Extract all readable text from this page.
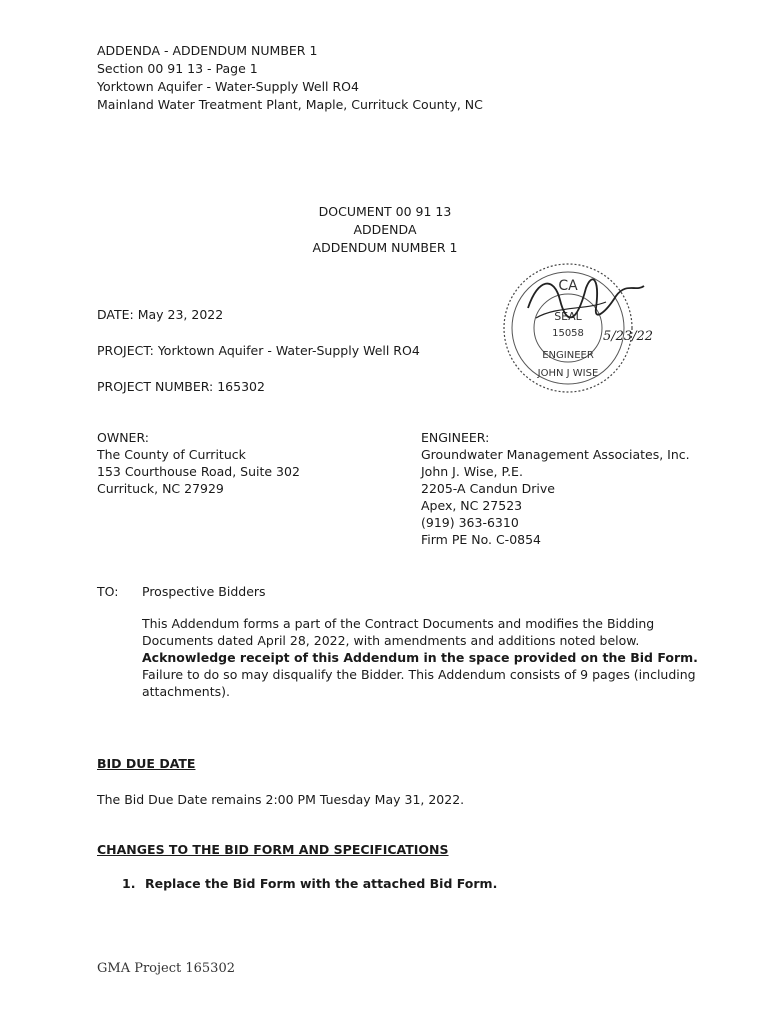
ADDENDA - ADDENDUM NUMBER 1
Section 00 91 13 - Page 1
Yorktown Aquifer - Water-Supply Well RO4
Mainland Water Treatment Plant, Maple, Currituck County, NC
DOCUMENT 00 91 13
ADDENDA
ADDENDUM NUMBER 1
DATE: May 23, 2022
PROJECT: Yorktown Aquifer - Water-Supply Well RO4
PROJECT NUMBER: 165302
CA
SEAL
15058
ENGINEER
JOHN J WISE
5/23/22
OWNER:
The County of Currituck
153 Courthouse Road, Suite 302
Currituck, NC 27929
ENGINEER:
Groundwater Management Associates, Inc.
John J. Wise, P.E.
2205-A Candun Drive
Apex, NC 27523
(919) 363-6310
Firm PE No. C-0854
TO: Prospective Bidders
This Addendum forms a part of the Contract Documents and modifies the Bidding Documents dated April 28, 2022, with amendments and additions noted below. Acknowledge receipt of this Addendum in the space provided on the Bid Form. Failure to do so may disqualify the Bidder. This Addendum consists of 9 pages (including attachments).
BID DUE DATE
The Bid Due Date remains 2:00 PM Tuesday May 31, 2022.
CHANGES TO THE BID FORM AND SPECIFICATIONS
1. Replace the Bid Form with the attached Bid Form.
GMA Project 165302
